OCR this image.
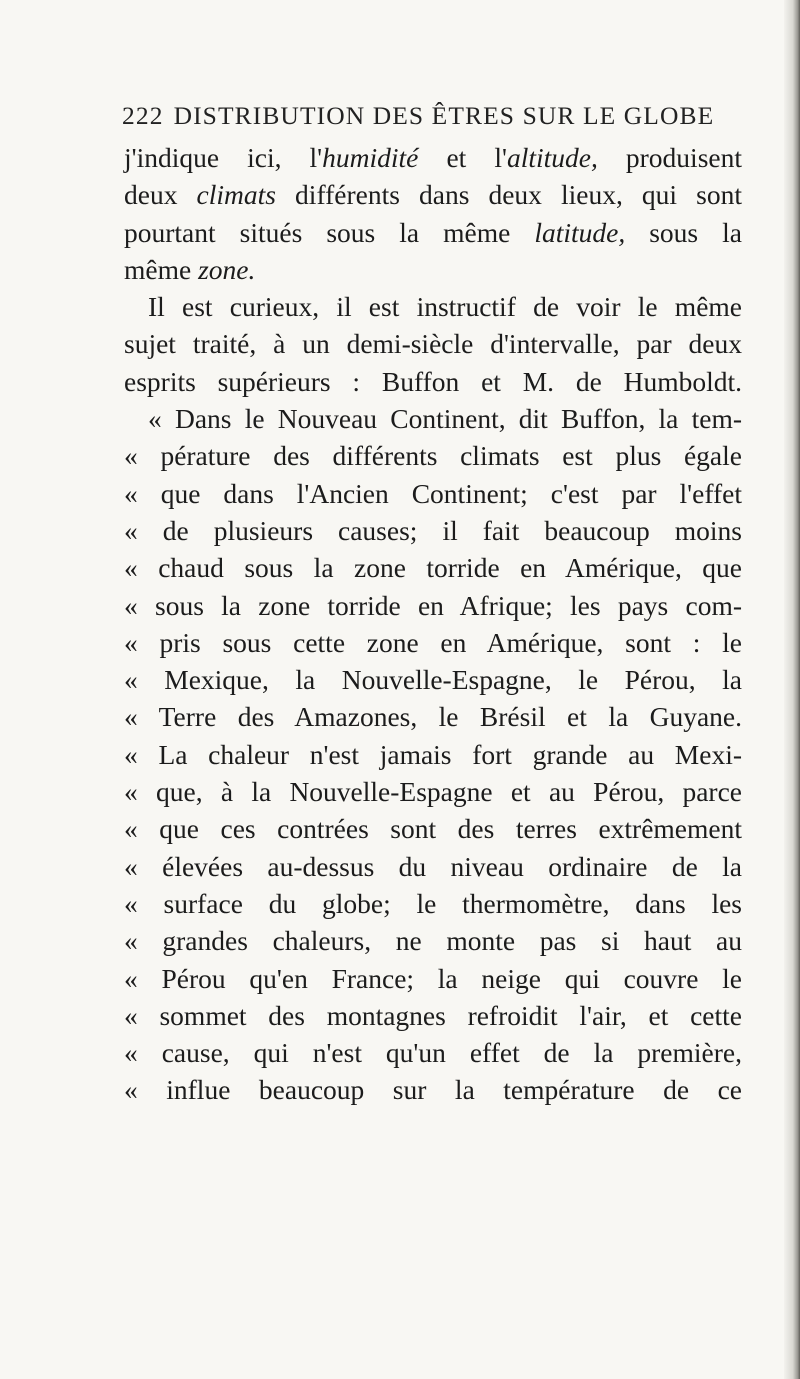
222 DISTRIBUTION DES ÊTRES SUR LE GLOBE
j'indique ici, l'humidité et l'altitude, produisent
deux climats différents dans deux lieux, qui sont
pourtant situés sous la même latitude, sous la
même zone.
Il est curieux, il est instructif de voir le même
sujet traité, à un demi-siècle d'intervalle, par deux
esprits supérieurs : Buffon et M. de Humboldt.
« Dans le Nouveau Continent, dit Buffon, la tem-
« pérature des différents climats est plus égale
« que dans l'Ancien Continent; c'est par l'effet
« de plusieurs causes; il fait beaucoup moins
« chaud sous la zone torride en Amérique, que
« sous la zone torride en Afrique; les pays com-
« pris sous cette zone en Amérique, sont : le
« Mexique, la Nouvelle-Espagne, le Pérou, la
« Terre des Amazones, le Brésil et la Guyane.
« La chaleur n'est jamais fort grande au Mexi-
« que, à la Nouvelle-Espagne et au Pérou, parce
« que ces contrées sont des terres extrêmement
« élevées au-dessus du niveau ordinaire de la
« surface du globe; le thermomètre, dans les
« grandes chaleurs, ne monte pas si haut au
« Pérou qu'en France; la neige qui couvre le
« sommet des montagnes refroidit l'air, et cette
« cause, qui n'est qu'un effet de la première,
« influe beaucoup sur la température de ce
